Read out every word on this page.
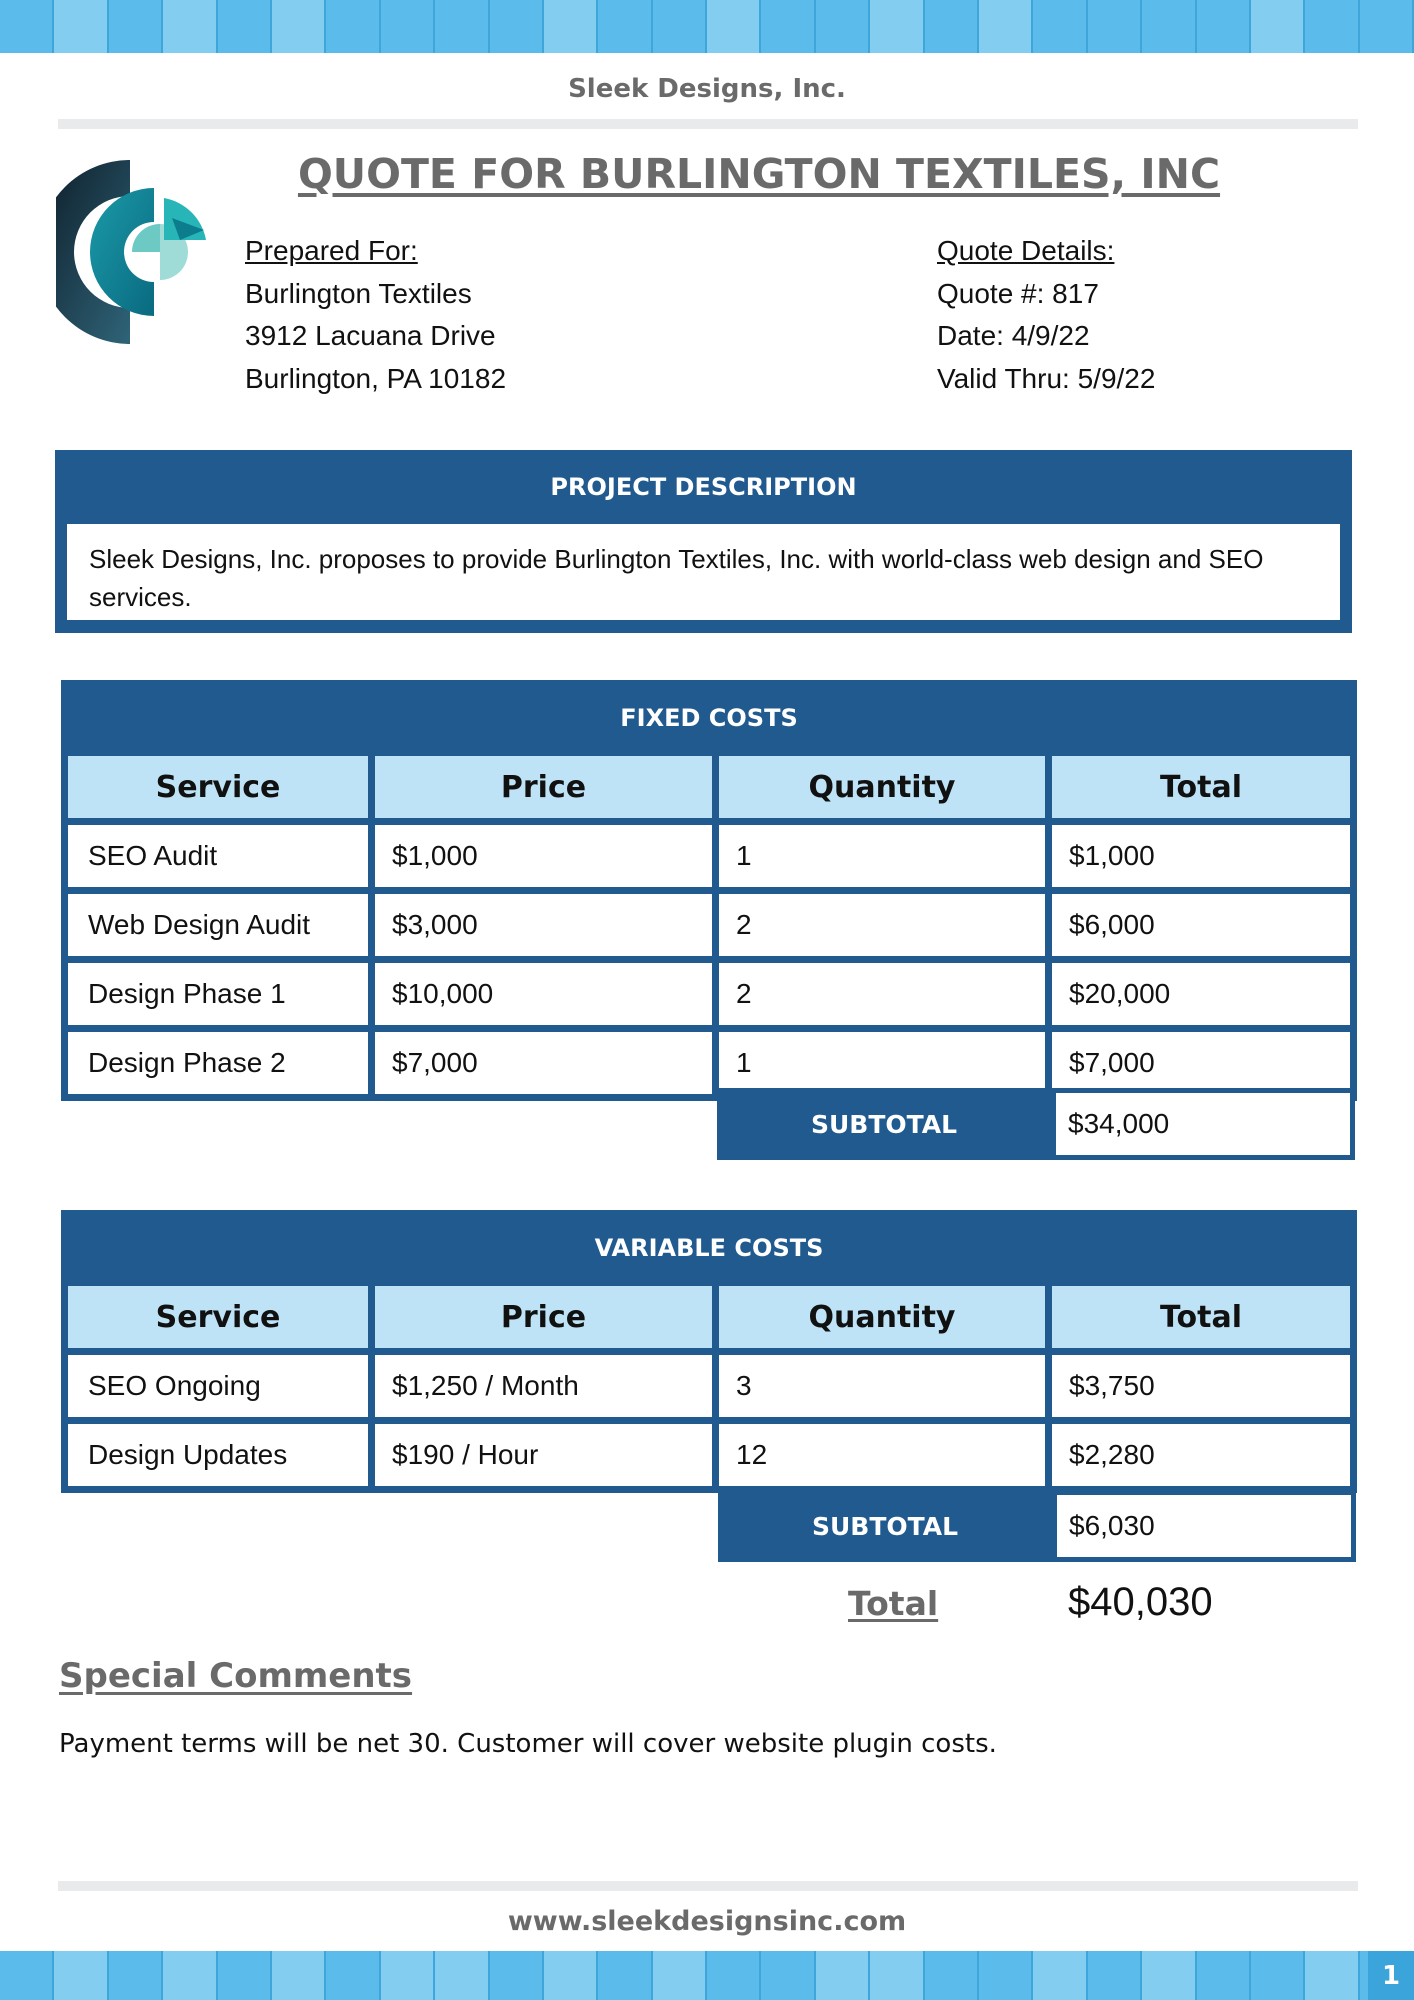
Sleek Designs, Inc.
QUOTE FOR BURLINGTON TEXTILES, INC
Prepared For:
Burlington Textiles
3912 Lacuana Drive
Burlington, PA 10182
Quote Details:
Quote #: 817
Date: 4/9/22
Valid Thru: 5/9/22
PROJECT DESCRIPTION
Sleek Designs, Inc. proposes to provide Burlington Textiles, Inc. with world-class web design and SEO services.
FIXED COSTS			
Service	Price	Quantity	Total
SEO Audit	$1,000	1	$1,000
Web Design Audit	$3,000	2	$6,000
Design Phase 1	$10,000	2	$20,000
Design Phase 2	$7,000	1	$7,000
SUBTOTAL	$34,000
VARIABLE COSTS			
Service	Price	Quantity	Total
SEO Ongoing	$1,250 / Month	3	$3,750
Design Updates	$190 / Hour	12	$2,280
SUBTOTAL	$6,030
Total	$40,030
Special Comments
Payment terms will be net 30. Customer will cover website plugin costs.
www.sleekdesignsinc.com
1
